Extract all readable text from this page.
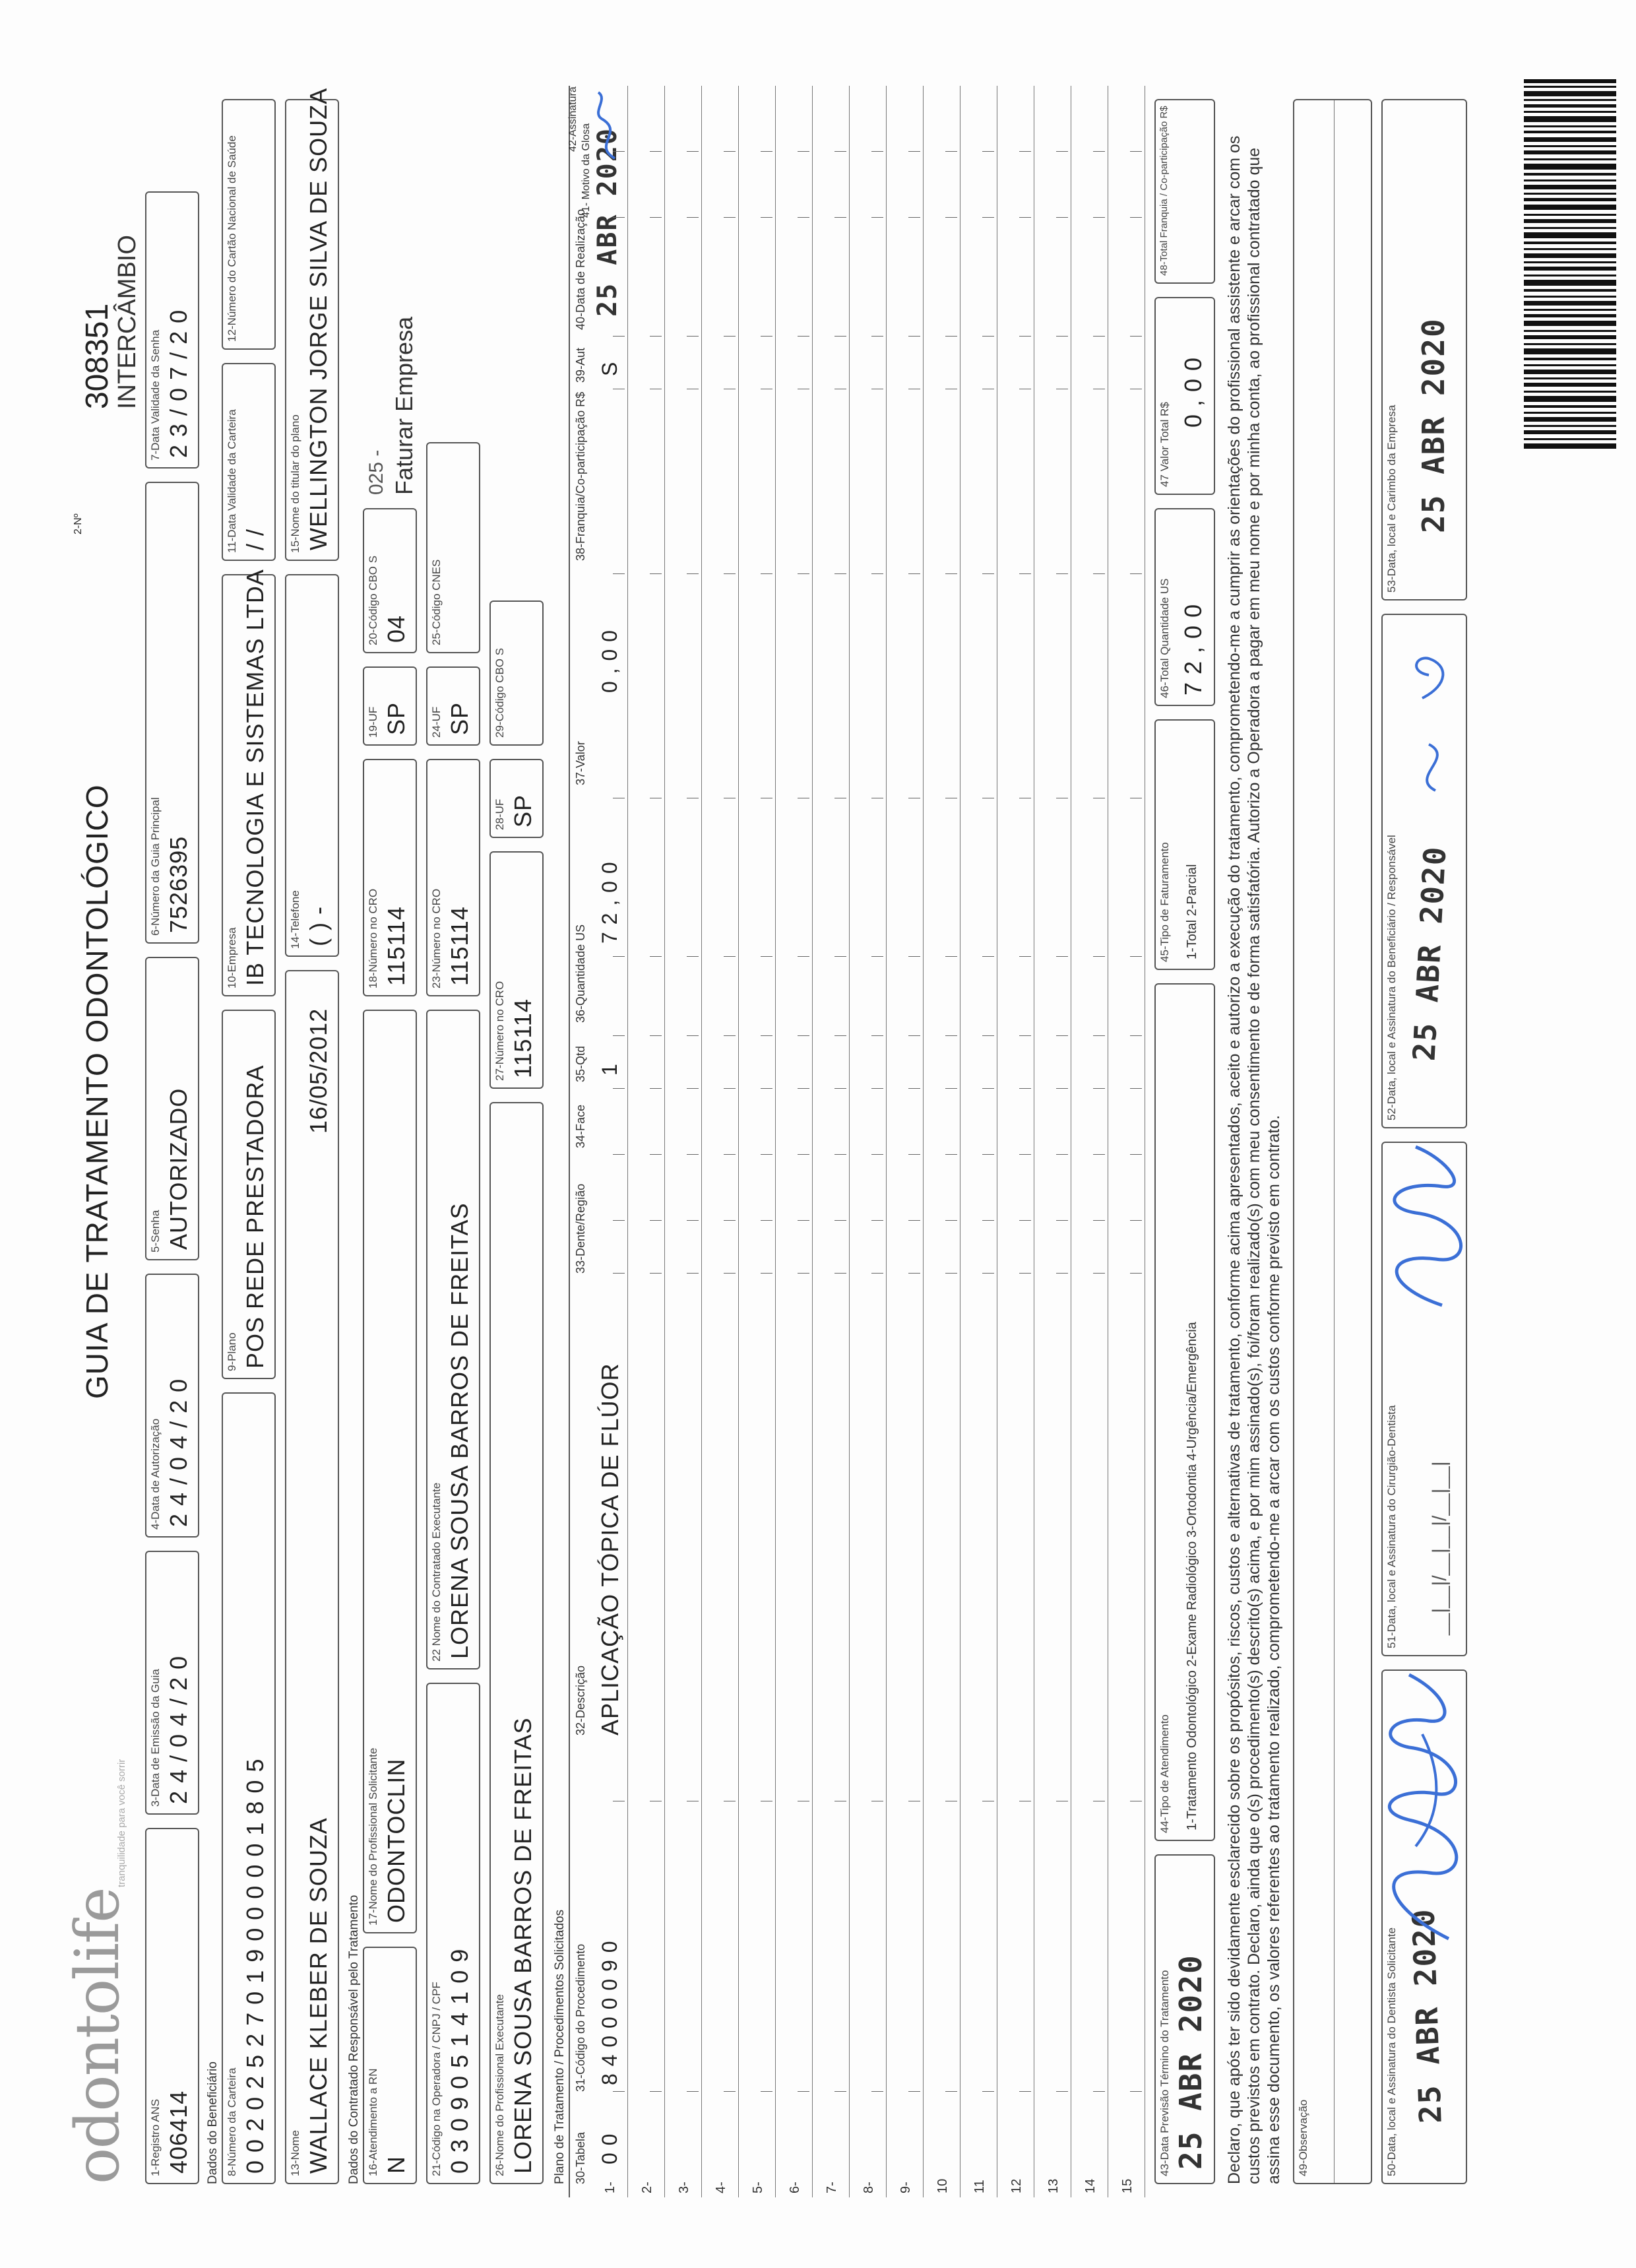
odontolife
tranquilidade para você sorrir
GUIA DE TRATAMENTO ODONTOLÓGICO
2-Nº
308351
INTERCÂMBIO
1-Registro ANS 406414
3-Data de Emissão da Guia 2 4 / 0 4 / 2 0
4-Data de Autorização 2 4 / 0 4 / 2 0
5-Senha AUTORIZADO
6-Número da Guia Principal 7526395
7-Data Validade da Senha 2 3 / 0 7 / 2 0
Dados do Beneficiário 8-Número da Carteira 0 0 2 0 2 5 2 7 0 1 9 0 0 0 0 0 1 8 0 5
9-Plano POS REDE PRESTADORA
10-Empresa IB TECNOLOGIA E SISTEMAS LTDA
11-Data Validade da Carteira / /
12-Número do Cartão Nacional de Saúde
13-Nome WALLACE KLEBER DE SOUZA
16/05/2012
14-Telefone ( ) -
15-Nome do titular do plano WELLINGTON JORGE SILVA DE SOUZA
Dados do Contratado Responsável pelo Tratamento 16-Atendimento a RN N
17-Nome do Profissional Solicitante ODONTOCLIN
18-Número no CRO 115114
19-UF SP
20-Código CBO S 04
025 - Faturar Empresa
21-Código na Operadora / CNPJ / CPF 0 3 0 9 0 5 1 4 1 0 9
22 Nome do Contratado Executante LORENA SOUSA BARROS DE FREITAS
23-Número no CRO 115114
24-UF SP
25-Código CNES
26-Nome do Profissional Executante LORENA SOUSA BARROS DE FREITAS
27-Número no CRO 115114
28-UF SP
29-Código CBO S
Plano de Tratamento / Procedimentos Solicitados 30-Tabela
31-Código do Procedimento
32-Descrição
33-Dente/Região
34-Face
35-Qtd
36-Quantidade US
37-Valor
38-Franquia/Co-participação R$
39-Aut
40-Data de Realização
41- Motivo da Glosa
42-Assinatura
1-
0 0
8 4 0 0 0 0 9 0
APLICAÇÃO TÓPICA DE FLÚOR
1
7 2 , 0 0
0 , 0 0
S
25 ABR 2020
2- 3- 4- 5- 6- 7- 8- 9- 10 11 12 13 14 15
43-Data Previsão Término do Tratamento 25 ABR 2020
44-Tipo de Atendimento 1-Tratamento Odontológico 2-Exame Radiológico 3-Ortodontia 4-Urgência/Emergência
45-Tipo de Faturamento 1-Total 2-Parcial
46-Total Quantidade US 7 2 , 0 0
47 Valor Total R$
0 , 0 0
48-Total Franquia / Co-participação R$	Declaro, que após ter sido devidamente esclarecido sobre os propósitos, riscos, custos e alternativas de tratamento, conforme acima apresentados, aceito e autorizo a execução do tratamento, comprometendo-me a cumprir as orientações do profissional assistente e arcar com os custos previstos em contrato. Declaro, ainda que o(s) procedimento(s) descrito(s) acima, e por mim assinado(s), foi/foram realizado(s) com meu consentimento e de forma satisfatória. Autorizo a Operadora a pagar em meu nome e por minha conta, ao profissional contratado que assina esse documento, os valores referentes ao tratamento realizado, comprometendo-me a arcar com os custos conforme previsto em contrato. 49-Observação	50-Data, local e Assinatura do Dentista Solicitante 25 ABR 2020
51-Data, local e Assinatura do Cirurgião-Dentista __|__|/__|__|/__|__|
52-Data, local e Assinatura do Beneficiário / Responsável 25 ABR 2020
53-Data, local e Carimbo da Empresa 25 ABR 2020
